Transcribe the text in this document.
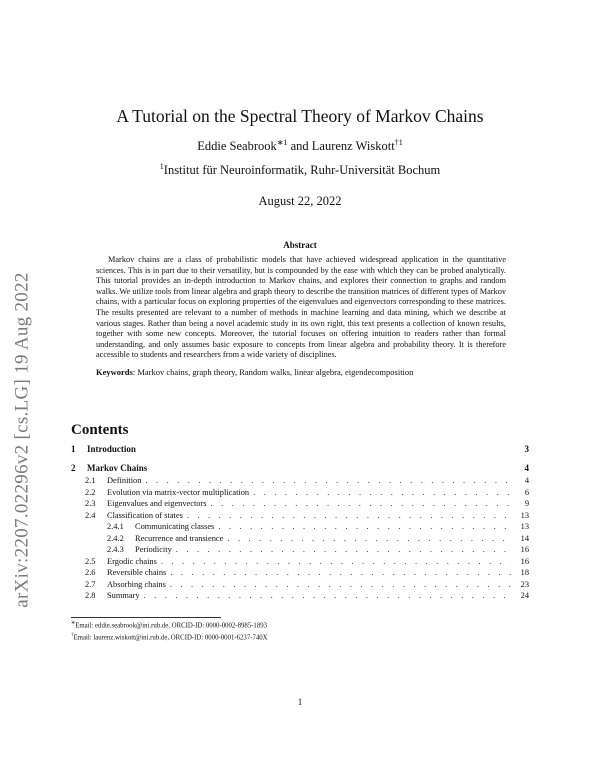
arXiv:2207.02296v2 [cs.LG] 19 Aug 2022
A Tutorial on the Spectral Theory of Markov Chains
Eddie Seabrook$^{∗1}$ and Laurenz Wiskott$^{\dagger 1}$
$^1$Institut für Neuroinformatik, Ruhr-Universität Bochum
August 22, 2022
Abstract

Markov chains are a class of probabilistic models that have achieved widespread application in the quantitative sciences. This is in part due to their versatility, but is compounded by the ease with which they can be probed analytically. This tutorial provides an in-depth introduction to Markov chains, and explores their connection to graphs and random walks. We utilize tools from linear algebra and graph theory to describe the transition matrices of different types of Markov chains, with a particular focus on exploring properties of the eigenvalues and eigenvectors corresponding to these matrices. The results presented are relevant to a number of methods in machine learning and data mining, which we describe at various stages. Rather than being a novel academic study in its own right, this text presents a collection of known results, together with some new concepts. Moreover, the tutorial focuses on offering intuition to readers rather than formal understanding, and only assumes basic exposure to concepts from linear algebra and probability theory. It is therefore accessible to students and researchers from a wide variety of disciplines.

Keywords: Markov chains, graph theory, Random walks, linear algebra, eigendecomposition
Contents
1	Introduction	3
2	Markov Chains	4
2.1	Definition . . .	4
2.2	Evolution via matrix-vector multiplication . . .	6
2.3	Eigenvalues and eigenvectors . . .	9
2.4	Classification of states . . .	13
2.4.1	Communicating classes . . .	13
2.4.2	Recurrence and transience . . .	14
2.4.3	Periodicity . . .	16
2.5	Ergodic chains . . .	16
2.6	Reversible chains . . .	18
2.7	Absorbing chains . . .	23
2.8	Summary . . .	24
∗Email: eddie.seabrook@ini.rub.de, ORCID-ID: 0000-0002-8985-1893
†Email: laurenz.wiskott@ini.rub.de, ORCID-ID: 0000-0001-6237-740X
1
